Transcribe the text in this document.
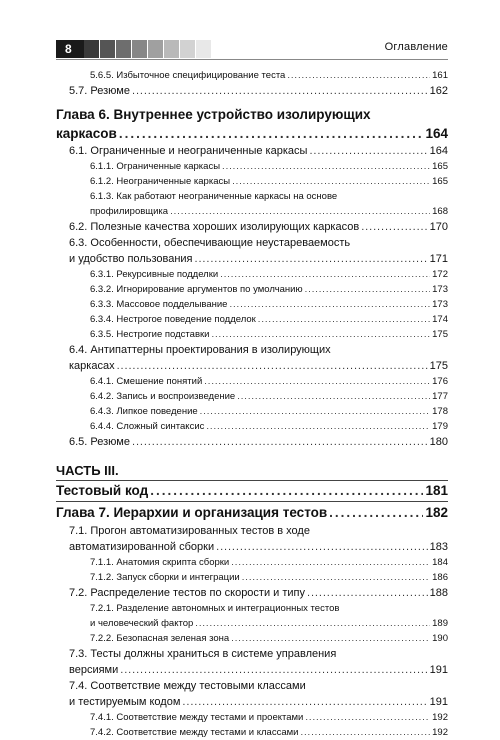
8	Оглавление
5.6.5. Избыточное специфицирование теста .....	161
5.7. Резюме .....	162
Глава 6. Внутреннее устройство изолирующих
каркасов .....	164
6.1. Ограниченные и неограниченные каркасы .....	164
6.1.1. Ограниченные каркасы .....	165
6.1.2. Неограниченные каркасы .....	165
6.1.3. Как работают неограниченные каркасы на основе
профилировщика .....	168
6.2. Полезные качества хороших изолирующих каркасов .....	170
6.3. Особенности, обеспечивающие неустареваемость
и удобство пользования .....	171
6.3.1. Рекурсивные подделки .....	172
6.3.2. Игнорирование аргументов по умолчанию .....	173
6.3.3. Массовое подделывание .....	173
6.3.4. Нестрогое поведение подделок .....	174
6.3.5. Нестрогие подставки .....	175
6.4. Антипаттерны проектирования в изолирующих
каркасах .....	175
6.4.1. Смешение понятий .....	176
6.4.2. Запись и воспроизведение .....	177
6.4.3. Липкое поведение .....	178
6.4.4. Сложный синтаксис .....	179
6.5. Резюме .....	180
ЧАСТЬ III.
Тестовый код .....	181
Глава 7. Иерархии и организация тестов .....	182
7.1. Прогон автоматизированных тестов в ходе
автоматизированной сборки .....	183
7.1.1. Анатомия скрипта сборки .....	184
7.1.2. Запуск сборки и интеграции .....	186
7.2. Распределение тестов по скорости и типу .....	188
7.2.1. Разделение автономных и интеграционных тестов
и человеческий фактор .....	189
7.2.2. Безопасная зеленая зона .....	190
7.3. Тесты должны храниться в системе управления
версиями .....	191
7.4. Соответствие между тестовыми классами
и тестируемым кодом .....	191
7.4.1. Соответствие между тестами и проектами .....	192
7.4.2. Соответствие между тестами и классами .....	192
